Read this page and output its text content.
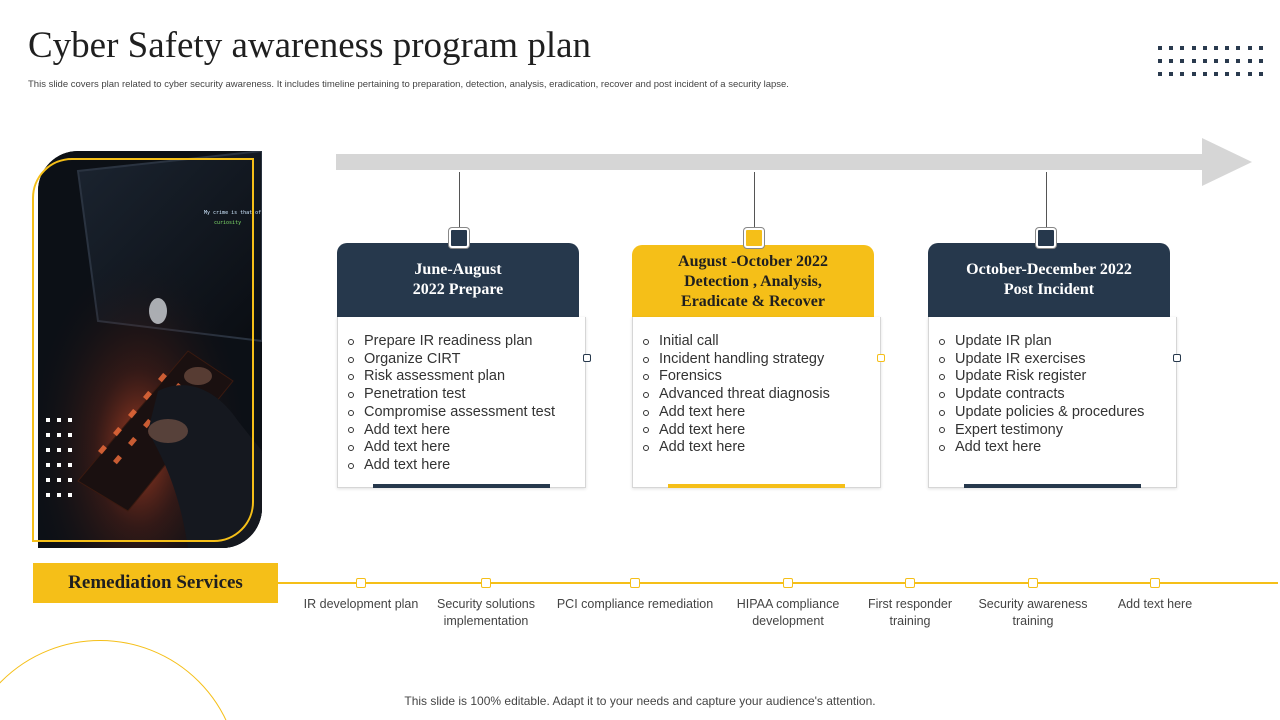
Cyber Safety awareness program plan
This slide covers plan related to cyber security awareness. It includes timeline pertaining to preparation, detection, analysis, eradication, recover and post incident of a security lapse.
My crime is that of
curiosity
June-August
2022 Prepare
Prepare IR readiness plan
Organize CIRT
Risk assessment plan
Penetration test
Compromise assessment test
Add text here
Add text here
Add text here
August -October 2022
Detection , Analysis,
Eradicate & Recover
Initial call
Incident handling strategy
Forensics
Advanced threat diagnosis
Add text here
Add text here
Add text here
October-December 2022
Post Incident
Update IR plan
Update IR exercises
Update Risk register
Update contracts
Update policies & procedures
Expert testimony
Add text here
Remediation Services
IR development plan Security solutions
implementation
PCI compliance remediation HIPAA compliance
development
First responder
training
Security awareness
training
Add text here
This slide is 100% editable. Adapt it to your needs and capture your audience's attention.
